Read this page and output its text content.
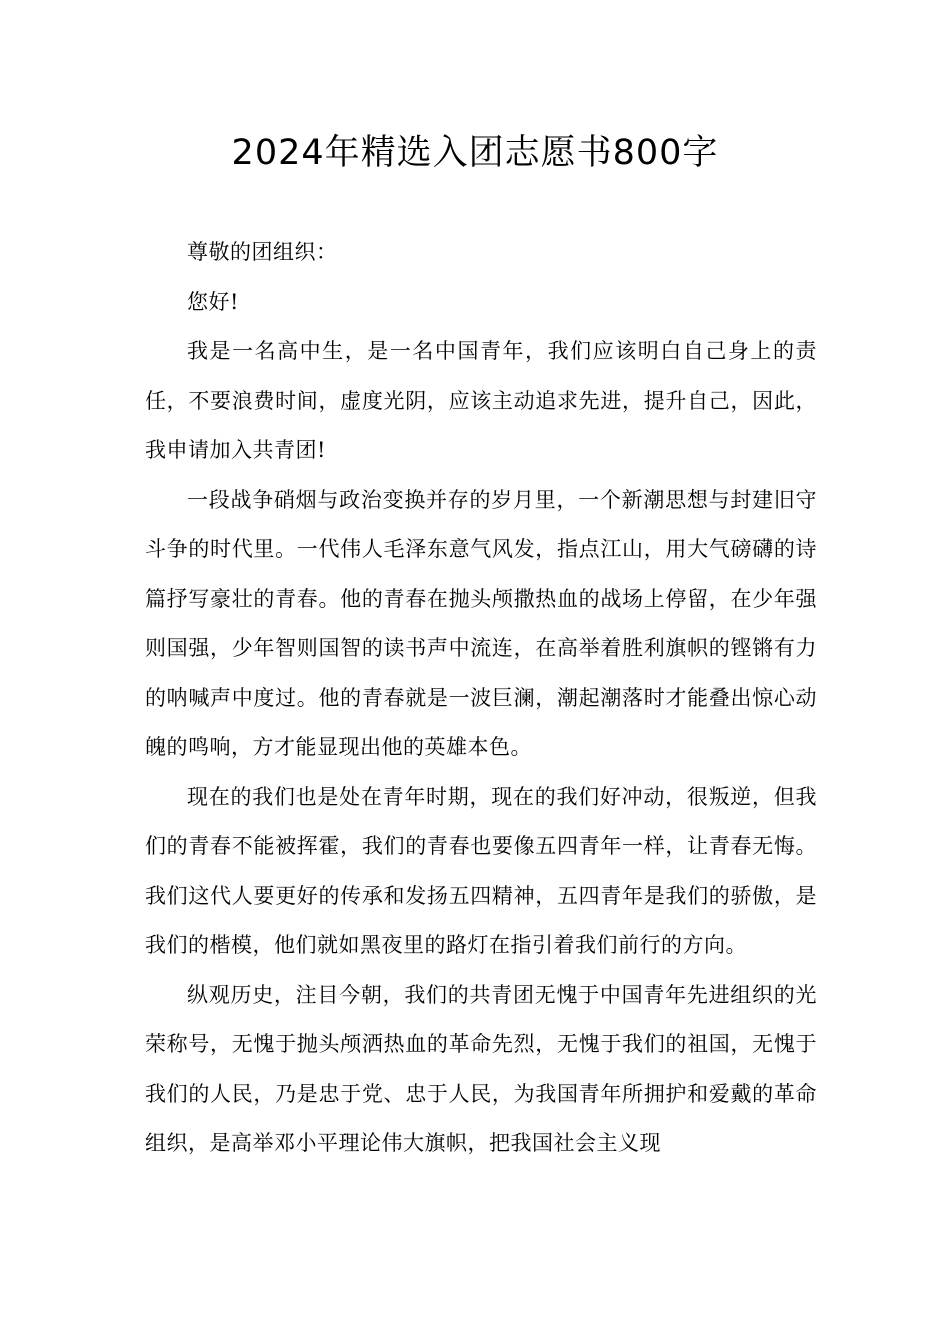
2024年精选入团志愿书800字

尊敬的团组织：

您好!

我是一名高中生，是一名中国青年，我们应该明白自己身上的责任，不要浪费时间，虚度光阴，应该主动追求先进，提升自己，因此，我申请加入共青团!

一段战争硝烟与政治变换并存的岁月里，一个新潮思想与封建旧守斗争的时代里。一代伟人毛泽东意气风发，指点江山，用大气磅礴的诗篇抒写豪壮的青春。他的青春在抛头颅撒热血的战场上停留，在少年强则国强，少年智则国智的读书声中流连，在高举着胜利旗帜的铿锵有力的呐喊声中度过。他的青春就是一波巨澜，潮起潮落时才能叠出惊心动魄的鸣响，方才能显现出他的英雄本色。

现在的我们也是处在青年时期，现在的我们好冲动，很叛逆，但我们的青春不能被挥霍，我们的青春也要像五四青年一样，让青春无悔。我们这代人要更好的传承和发扬五四精神，五四青年是我们的骄傲，是我们的楷模，他们就如黑夜里的路灯在指引着我们前行的方向。

纵观历史，注目今朝，我们的共青团无愧于中国青年先进组织的光荣称号，无愧于抛头颅洒热血的革命先烈，无愧于我们的祖国，无愧于我们的人民，乃是忠于党、忠于人民，为我国青年所拥护和爱戴的革命组织，是高举邓小平理论伟大旗帜，把我国社会主义现
